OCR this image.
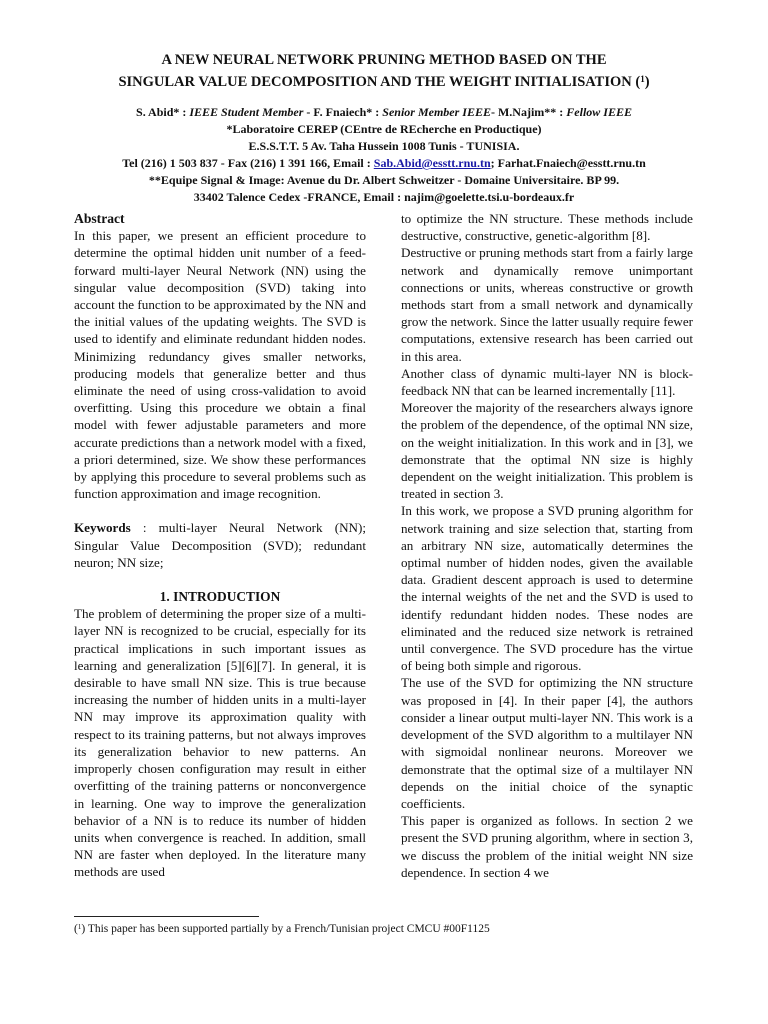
A NEW NEURAL NETWORK PRUNING METHOD BASED ON THE
SINGULAR VALUE DECOMPOSITION AND THE WEIGHT INITIALISATION ($^1$)
S. Abid* : IEEE Student Member - F. Fnaiech* : Senior Member IEEE- M.Najim** : Fellow IEEE
*Laboratoire CEREP (CEntre de REcherche en Productique)
E.S.S.T.T. 5 Av. Taha Hussein 1008 Tunis - TUNISIA.
Tel (216) 1 503 837 - Fax (216) 1 391 166, Email : Sab.Abid@esstt.rnu.tn; Farhat.Fnaiech@esstt.rnu.tn
**Equipe Signal & Image: Avenue du Dr. Albert Schweitzer - Domaine Universitaire. BP 99.
33402 Talence Cedex -FRANCE, Email : najim@goelette.tsi.u-bordeaux.fr

Abstract

In this paper, we present an efficient procedure to determine the optimal hidden unit number of a feed-forward multi-layer Neural Network (NN) using the singular value decomposition (SVD) taking into account the function to be approximated by the NN and the initial values of the updating weights. The SVD is used to identify and eliminate redundant hidden nodes. Minimizing redundancy gives smaller networks, producing models that generalize better and thus eliminate the need of using cross-validation to avoid overfitting. Using this procedure we obtain a final model with fewer adjustable parameters and more accurate predictions than a network model with a fixed, a priori determined, size. We show these performances by applying this procedure to several problems such as function approximation and image recognition.

Keywords : multi-layer Neural Network (NN); Singular Value Decomposition (SVD); redundant neuron; NN size;

1. INTRODUCTION

The problem of determining the proper size of a multi-layer NN is recognized to be crucial, especially for its practical implications in such important issues as learning and generalization [5][6][7]. In general, it is desirable to have small NN size. This is true because increasing the number of hidden units in a multi-layer NN may improve its approximation quality with respect to its training patterns, but not always improves its generalization behavior to new patterns. An improperly chosen configuration may result in either overfitting of the training patterns or nonconvergence in learning. One way to improve the generalization behavior of a NN is to reduce its number of hidden units when convergence is reached. In addition, small NN are faster when deployed. In the literature many methods are used

to optimize the NN structure. These methods include destructive, constructive, genetic-algorithm [8].

Destructive or pruning methods start from a fairly large network and dynamically remove unimportant connections or units, whereas constructive or growth methods start from a small network and dynamically grow the network. Since the latter usually require fewer computations, extensive research has been carried out in this area.

Another class of dynamic multi-layer NN is block-feedback NN that can be learned incrementally [11].

Moreover the majority of the researchers always ignore the problem of the dependence, of the optimal NN size, on the weight initialization. In this work and in [3], we demonstrate that the optimal NN size is highly dependent on the weight initialization. This problem is treated in section 3.

In this work, we propose a SVD pruning algorithm for network training and size selection that, starting from an arbitrary NN size, automatically determines the optimal number of hidden nodes, given the available data. Gradient descent approach is used to determine the internal weights of the net and the SVD is used to identify redundant hidden nodes. These nodes are eliminated and the reduced size network is retrained until convergence. The SVD procedure has the virtue of being both simple and rigorous.

The use of the SVD for optimizing the NN structure was proposed in [4]. In their paper [4], the authors consider a linear output multi-layer NN. This work is a development of the SVD algorithm to a multilayer NN with sigmoidal nonlinear neurons. Moreover we demonstrate that the optimal size of a multilayer NN depends on the initial choice of the synaptic coefficients.

This paper is organized as follows. In section 2 we present the SVD pruning algorithm, where in section 3, we discuss the problem of the initial weight NN size dependence. In section 4 we

($^1$) This paper has been supported partially by a French/Tunisian project CMCU #00F1125
